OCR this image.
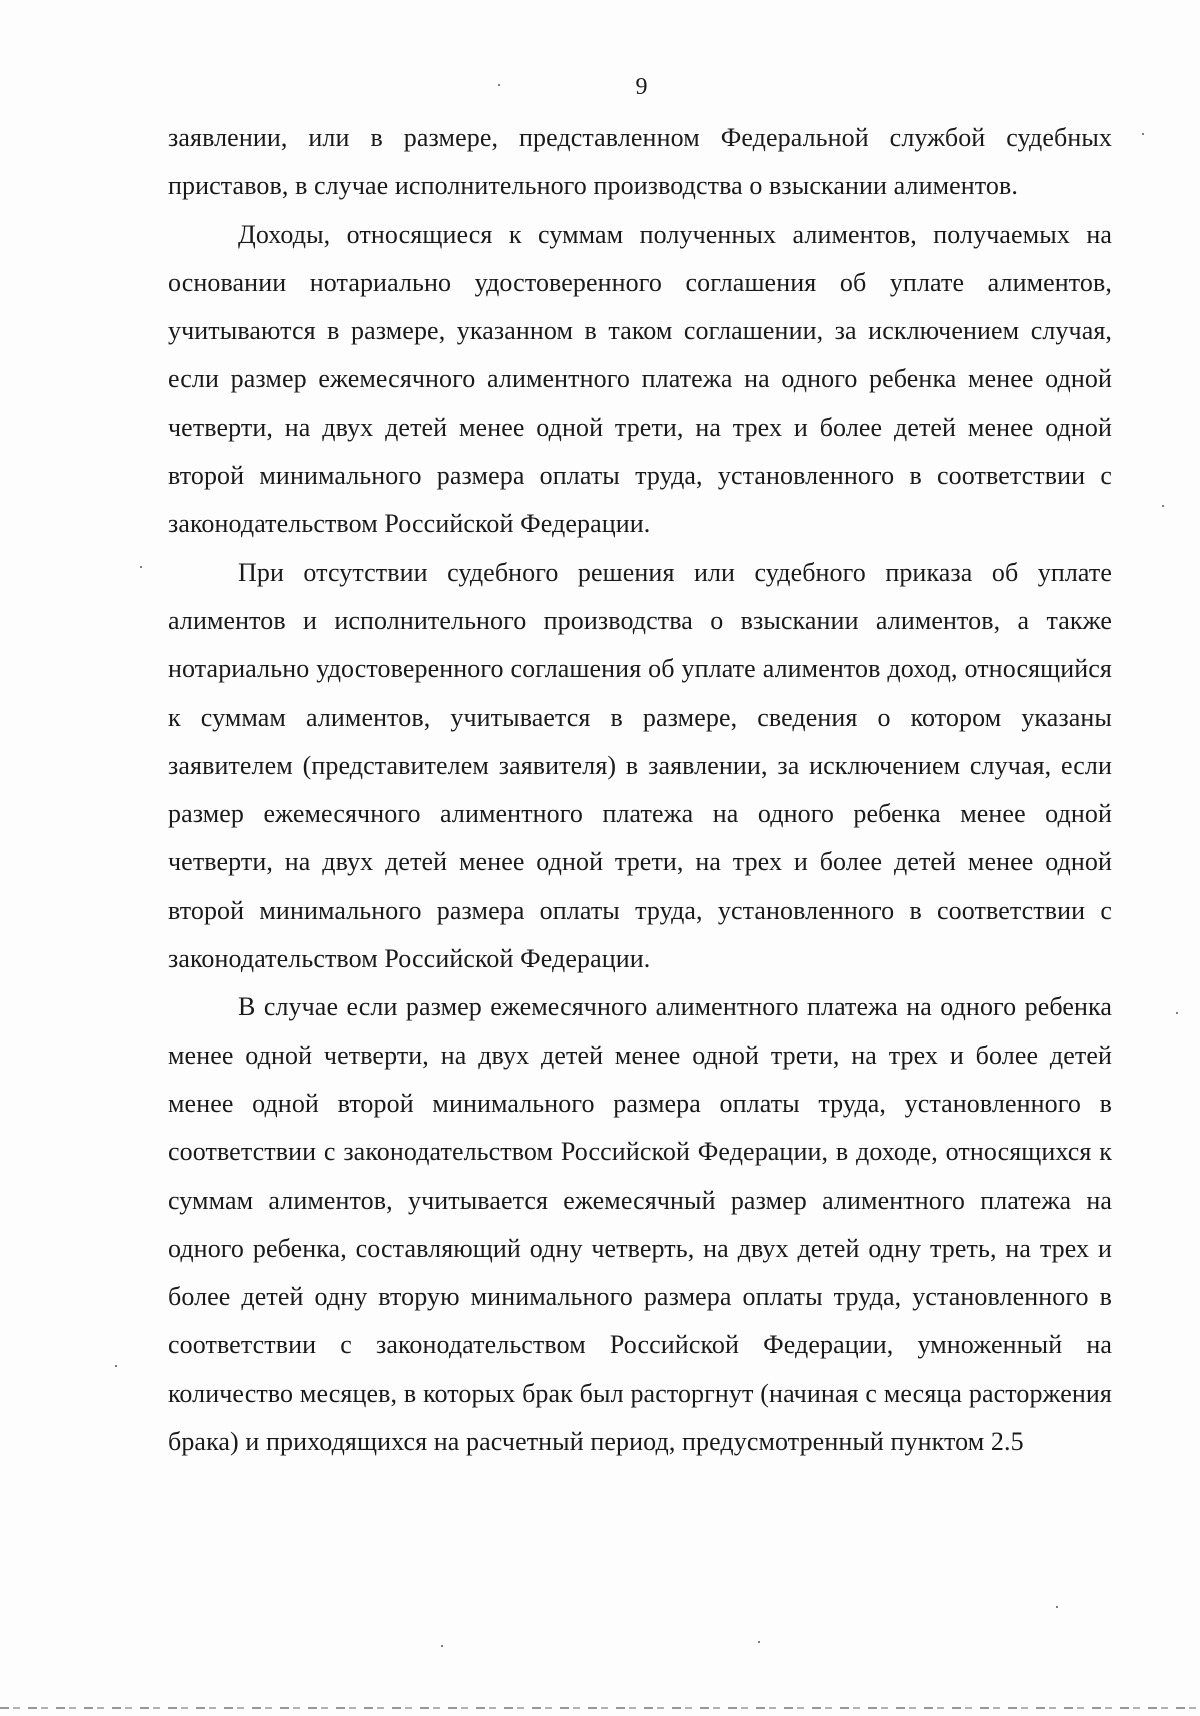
9

заявлении, или в размере, представленном Федеральной службой судебных приставов, в случае исполнительного производства о взыскании алиментов.

Доходы, относящиеся к суммам полученных алиментов, получаемых на основании нотариально удостоверенного соглашения об уплате алиментов, учитываются в размере, указанном в таком соглашении, за исключением случая, если размер ежемесячного алиментного платежа на одного ребенка менее одной четверти, на двух детей менее одной трети, на трех и более детей менее одной второй минимального размера оплаты труда, установленного в соответствии с законодательством Российской Федерации.

При отсутствии судебного решения или судебного приказа об уплате алиментов и исполнительного производства о взыскании алиментов, а также нотариально удостоверенного соглашения об уплате алиментов доход, относящийся к суммам алиментов, учитывается в размере, сведения о котором указаны заявителем (представителем заявителя) в заявлении, за исключением случая, если размер ежемесячного алиментного платежа на одного ребенка менее одной четверти, на двух детей менее одной трети, на трех и более детей менее одной второй минимального размера оплаты труда, установленного в соответствии с законодательством Российской Федерации.

В случае если размер ежемесячного алиментного платежа на одного ребенка менее одной четверти, на двух детей менее одной трети, на трех и более детей менее одной второй минимального размера оплаты труда, установленного в соответствии с законодательством Российской Федерации, в доходе, относящихся к суммам алиментов, учитывается ежемесячный размер алиментного платежа на одного ребенка, составляющий одну четверть, на двух детей одну треть, на трех и более детей одну вторую минимального размера оплаты труда, установленного в соответствии с законодательством Российской Федерации, умноженный на количество месяцев, в которых брак был расторгнут (начиная с месяца расторжения брака) и приходящихся на расчетный период, предусмотренный пунктом 2.5
